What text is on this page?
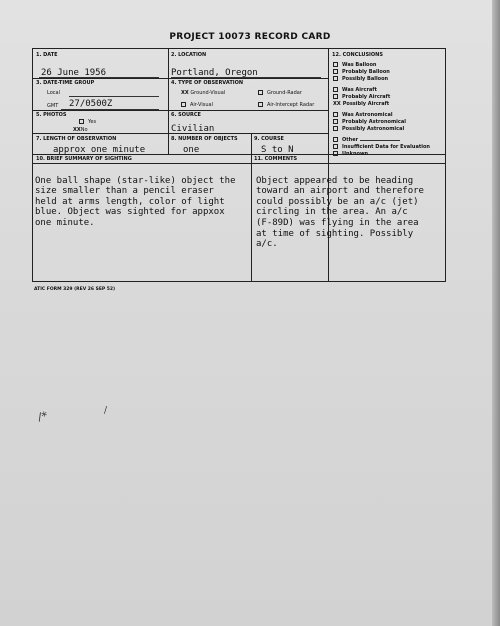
PROJECT 10073 RECORD CARD
1. DATE
26 June 1956
2. LOCATION
Portland, Oregon
3. DATE-TIME GROUP
Local
GMT 27/0500Z
4. TYPE OF OBSERVATION
XX Ground-Visual	Ground-Radar
Air-Visual	Air-Intercept Radar
5. PHOTOS
Yes
XXNo
6. SOURCE
Civilian
7. LENGTH OF OBSERVATION
approx one minute
8. NUMBER OF OBJECTS
one
9. COURSE
S to N
10. BRIEF SUMMARY OF SIGHTING

One ball shape (star-like) object the
size smaller than a pencil eraser
held at arms length, color of light
blue. Object was sighted for appxox
one minute.

11. COMMENTS

Object appeared to be heading
toward an airport and therefore
could possibly be an a/c (jet)
circling in the area. An a/c
(F-89D) was flying in the area
at time of sighting. Possibly
a/c.

12. CONCLUSIONS
Was Balloon
Probably Balloon
Possibly Balloon
Was Aircraft
Probably Aircraft
XX Possibly Aircraft
Was Astronomical
Probably Astronomical
Possibly Astronomical
Other
Insufficient Data for Evaluation
Unknown
ATIC FORM 329 (REV 26 SEP 52)
/*	/
